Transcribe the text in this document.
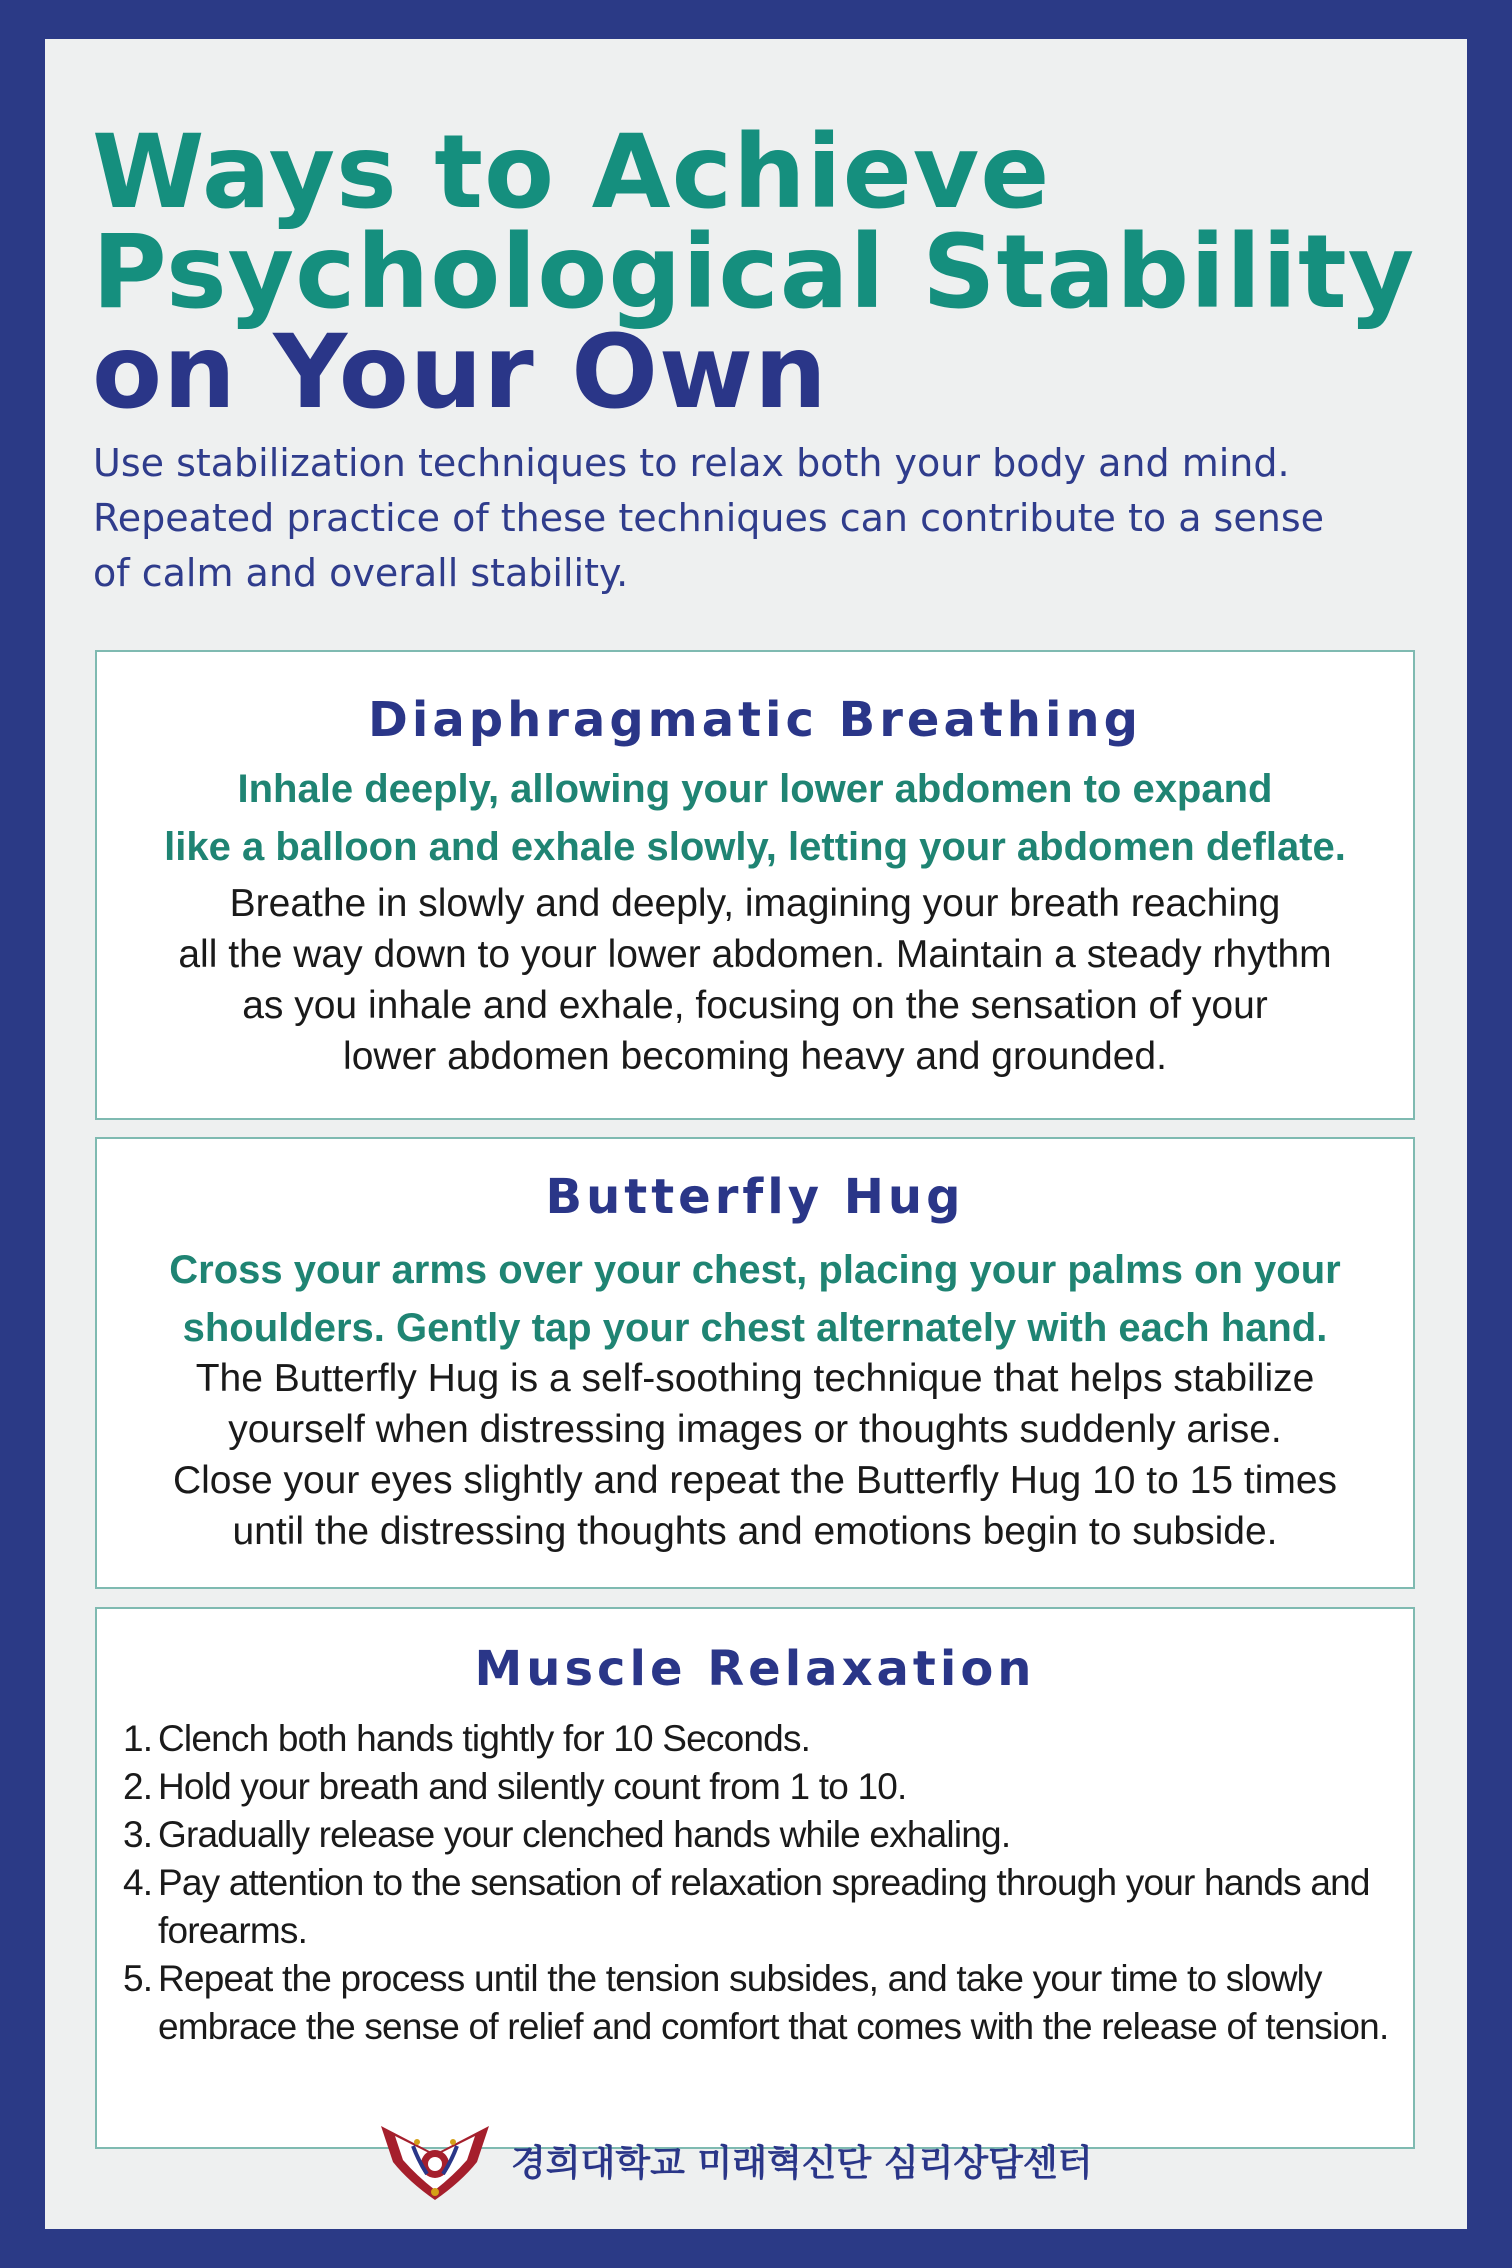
Ways to Achieve
Psychological Stability
on Your Own

Use stabilization techniques to relax both your body and mind.
Repeated practice of these techniques can contribute to a sense
of calm and overall stability.

Diaphragmatic Breathing

Inhale deeply, allowing your lower abdomen to expand
like a balloon and exhale slowly, letting your abdomen deflate.

Breathe in slowly and deeply, imagining your breath reaching
all the way down to your lower abdomen. Maintain a steady rhythm
as you inhale and exhale, focusing on the sensation of your
lower abdomen becoming heavy and grounded.

Butterfly Hug

Cross your arms over your chest, placing your palms on your
shoulders. Gently tap your chest alternately with each hand.

The Butterfly Hug is a self-soothing technique that helps stabilize
yourself when distressing images or thoughts suddenly arise.
Close your eyes slightly and repeat the Butterfly Hug 10 to 15 times
until the distressing thoughts and emotions begin to subside.

Muscle Relaxation
1. Clench both hands tightly for 10 Seconds.
2. Hold your breath and silently count from 1 to 10.
3. Gradually release your clenched hands while exhaling.
4. Pay attention to the sensation of relaxation spreading through your hands and forearms.
5. Repeat the process until the tension subsides, and take your time to slowly embrace the sense of relief and comfort that comes with the release of tension.
경희대학교 미래혁신단 심리상담센터
